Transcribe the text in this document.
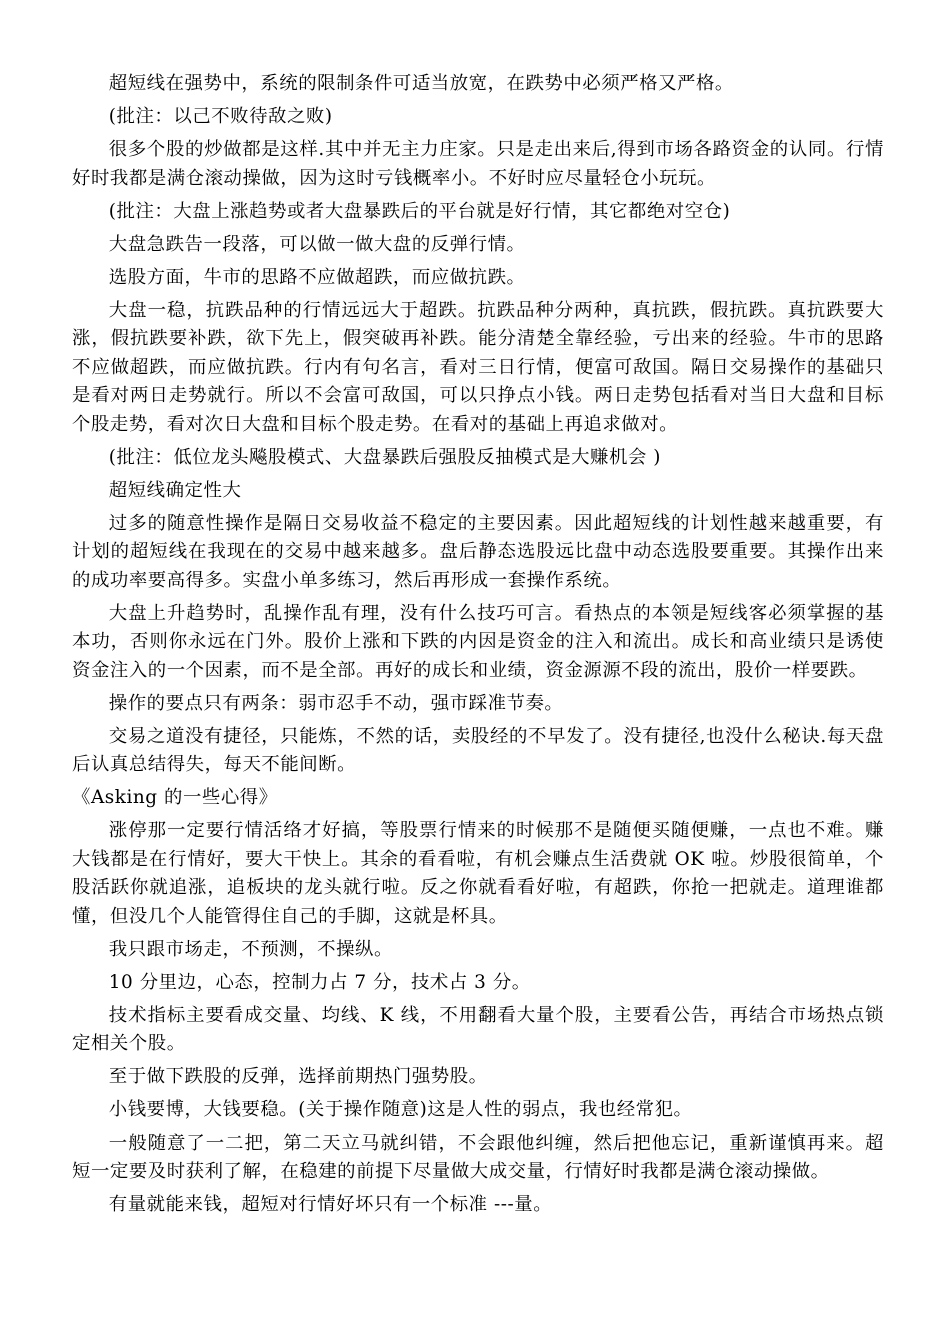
超短线在强势中，系统的限制条件可适当放宽，在跌势中必须严格又严格。

(批注：以己不败待敌之败)

很多个股的炒做都是这样.其中并无主力庄家。只是走出来后,得到市场各路资金的认同。行情好时我都是满仓滚动操做，因为这时亏钱概率小。不好时应尽量轻仓小玩玩。

(批注：大盘上涨趋势或者大盘暴跌后的平台就是好行情，其它都绝对空仓)

大盘急跌告一段落，可以做一做大盘的反弹行情。

选股方面，牛市的思路不应做超跌，而应做抗跌。

大盘一稳，抗跌品种的行情远远大于超跌。抗跌品种分两种，真抗跌，假抗跌。真抗跌要大涨，假抗跌要补跌，欲下先上，假突破再补跌。能分清楚全靠经验，亏出来的经验。牛市的思路不应做超跌，而应做抗跌。行内有句名言，看对三日行情，便富可敌国。隔日交易操作的基础只是看对两日走势就行。所以不会富可敌国，可以只挣点小钱。两日走势包括看对当日大盘和目标个股走势，看对次日大盘和目标个股走势。在看对的基础上再追求做对。

(批注：低位龙头飚股模式、大盘暴跌后强股反抽模式是大赚机会 )

超短线确定性大

过多的随意性操作是隔日交易收益不稳定的主要因素。因此超短线的计划性越来越重要，有计划的超短线在我现在的交易中越来越多。盘后静态选股远比盘中动态选股要重要。其操作出来的成功率要高得多。实盘小单多练习，然后再形成一套操作系统。

大盘上升趋势时，乱操作乱有理，没有什么技巧可言。看热点的本领是短线客必须掌握的基本功，否则你永远在门外。股价上涨和下跌的内因是资金的注入和流出。成长和高业绩只是诱使资金注入的一个因素，而不是全部。再好的成长和业绩，资金源源不段的流出，股价一样要跌。

操作的要点只有两条：弱市忍手不动，强市踩准节奏。

交易之道没有捷径，只能炼，不然的话，卖股经的不早发了。没有捷径,也没什么秘诀.每天盘后认真总结得失，每天不能间断。

《Asking 的一些心得》

涨停那一定要行情活络才好搞，等股票行情来的时候那不是随便买随便赚，一点也不难。赚大钱都是在行情好，要大干快上。其余的看看啦，有机会赚点生活费就 OK 啦。炒股很简单，个股活跃你就追涨，追板块的龙头就行啦。反之你就看看好啦，有超跌，你抢一把就走。道理谁都懂，但没几个人能管得住自己的手脚，这就是杯具。

我只跟市场走，不预测，不操纵。

10 分里边，心态，控制力占 7 分，技术占 3 分。

技术指标主要看成交量、均线、K 线，不用翻看大量个股，主要看公告，再结合市场热点锁定相关个股。

至于做下跌股的反弹，选择前期热门强势股。

小钱要博，大钱要稳。(关于操作随意)这是人性的弱点，我也经常犯。

一般随意了一二把，第二天立马就纠错，不会跟他纠缠，然后把他忘记，重新谨慎再来。超短一定要及时获利了解，在稳建的前提下尽量做大成交量，行情好时我都是满仓滚动操做。

有量就能来钱，超短对行情好坏只有一个标准 ---量。
